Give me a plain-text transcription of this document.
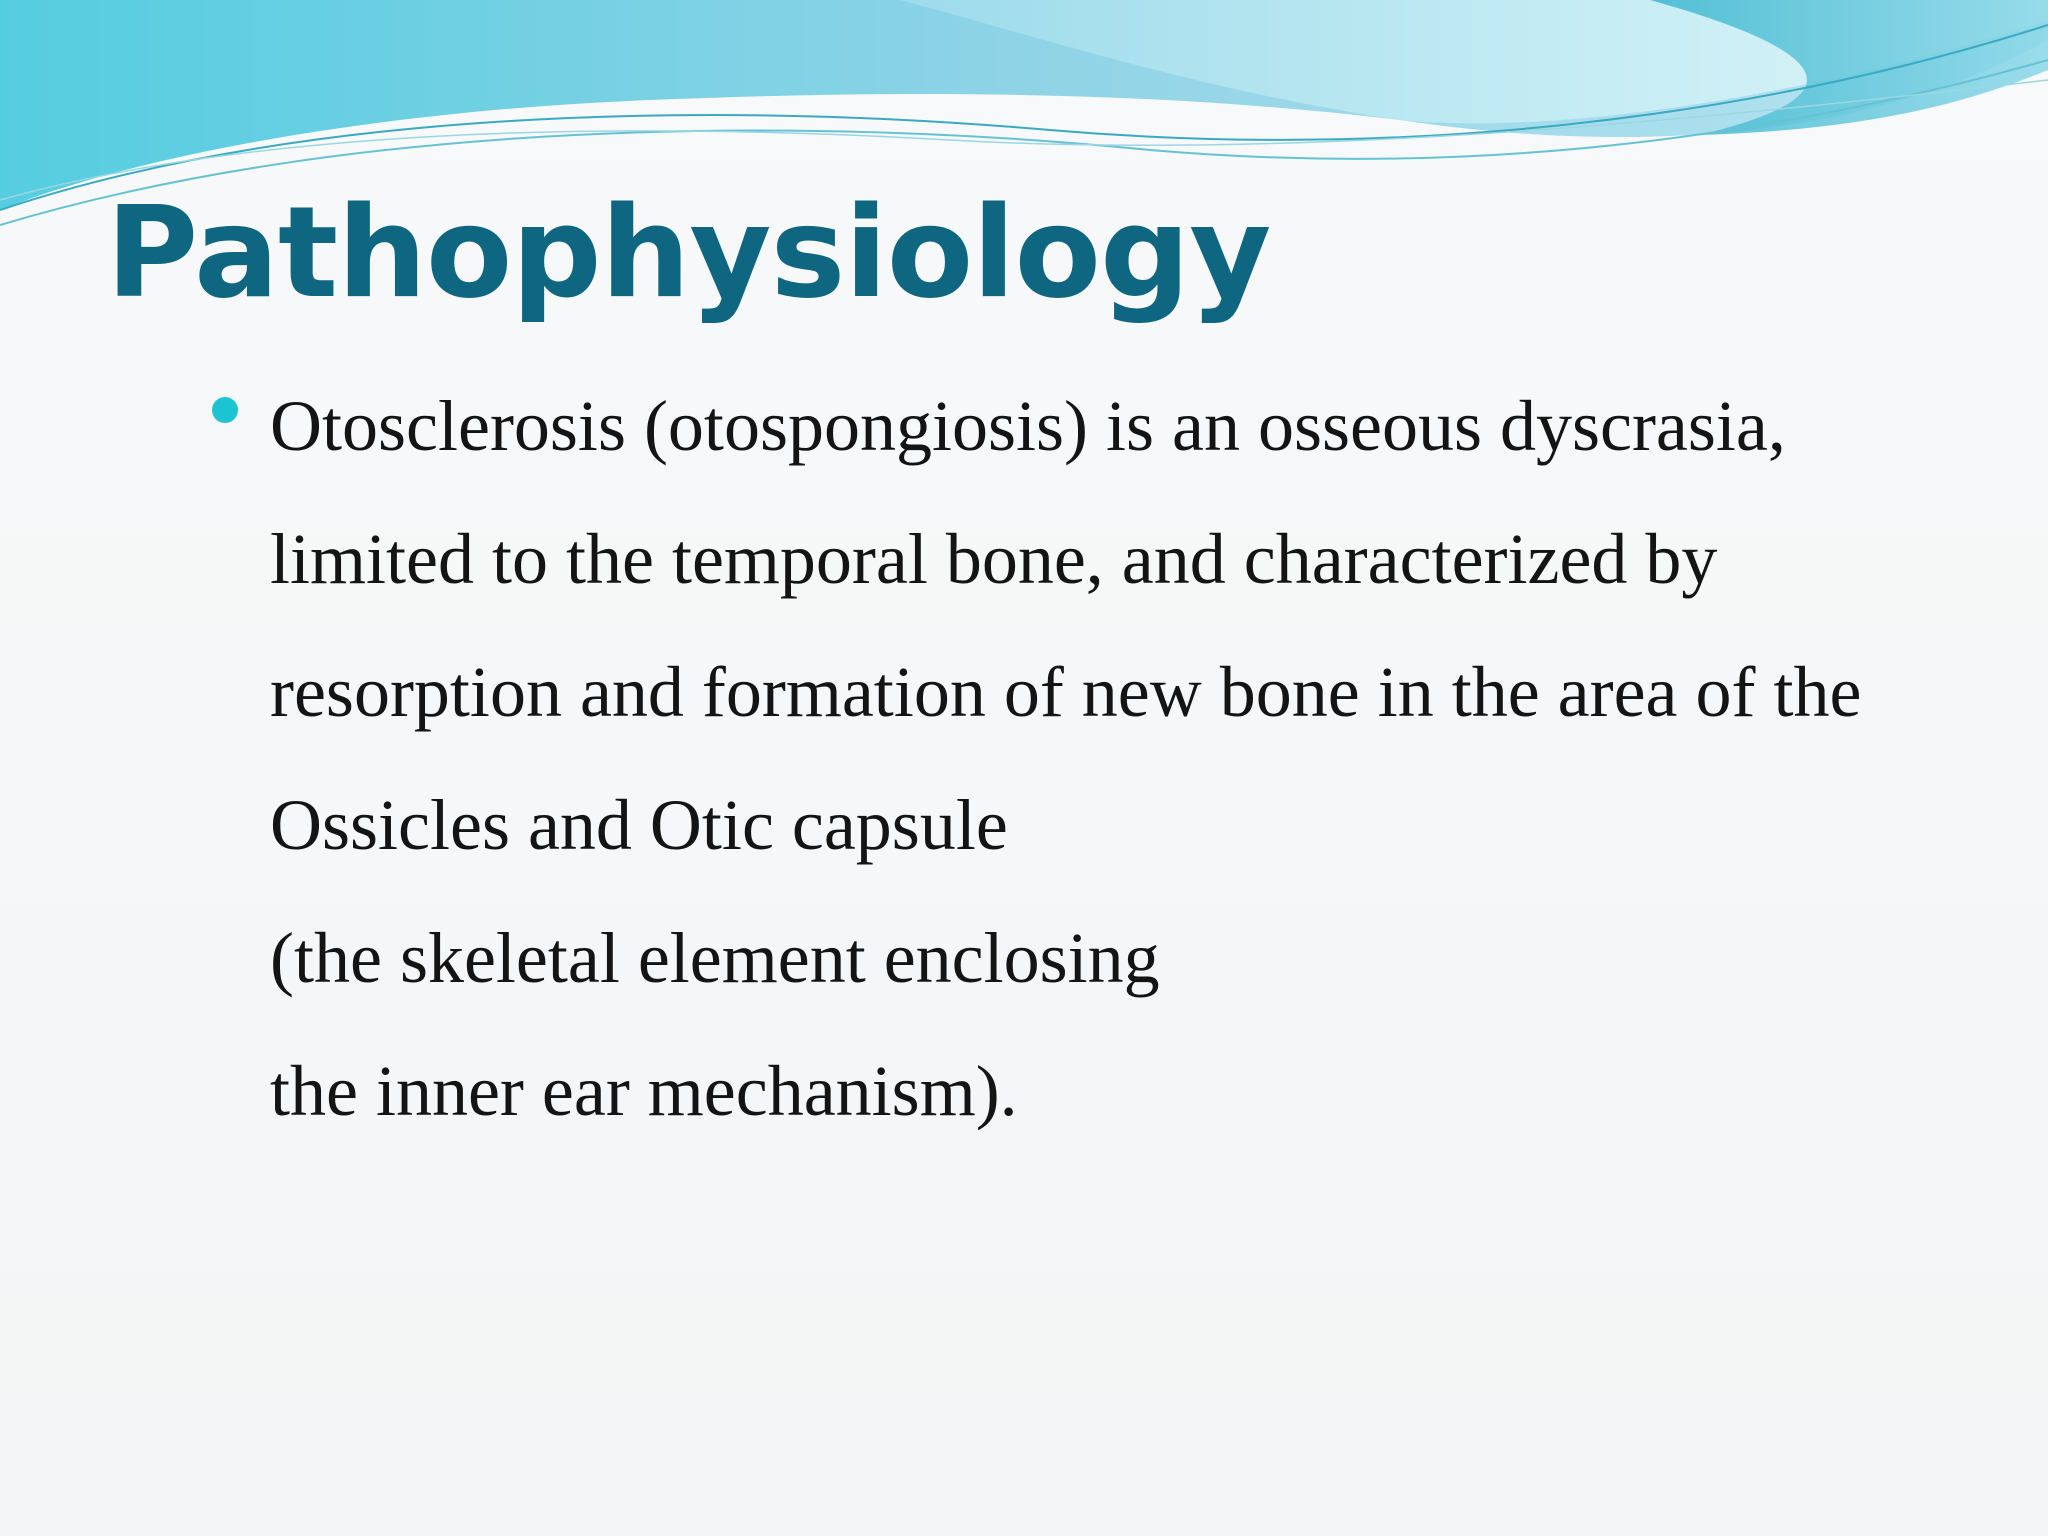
Pathophysiology
Otosclerosis (otospongiosis) is an osseous dyscrasia,
limited to the temporal bone, and characterized by
resorption and formation of new bone in the area of the
Ossicles and Otic capsule
(the skeletal element enclosing
the inner ear mechanism).
